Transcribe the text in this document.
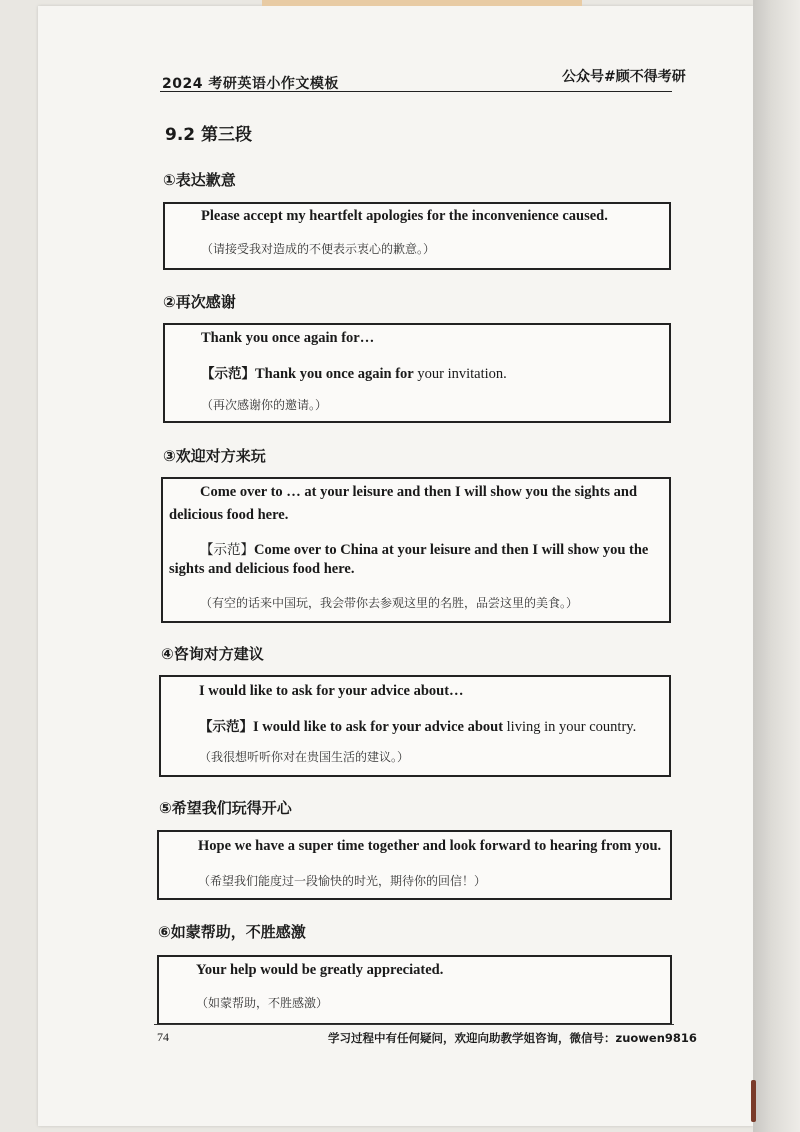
2024 考研英语小作文模板	公众号#顾不得考研
9.2 第三段
①表达歉意
Please accept my heartfelt apologies for the inconvenience caused.
（请接受我对造成的不便表示衷心的歉意。）
②再次感谢
Thank you once again for…
【示范】Thank you once again for your invitation.
（再次感谢你的邀请。）
③欢迎对方来玩
Come over to … at your leisure and then I will show you the sights and
delicious food here.
【示范】Come over to China at your leisure and then I will show you the
sights and delicious food here.
（有空的话来中国玩，我会带你去参观这里的名胜，品尝这里的美食。）
④咨询对方建议
I would like to ask for your advice about…
【示范】I would like to ask for your advice about living in your country.
（我很想听听你对在贵国生活的建议。）
⑤希望我们玩得开心
Hope we have a super time together and look forward to hearing from you.
（希望我们能度过一段愉快的时光，期待你的回信！）
⑥如蒙帮助，不胜感激
Your help would be greatly appreciated.
（如蒙帮助，不胜感激）
74	学习过程中有任何疑问，欢迎向助教学姐咨询，微信号：zuowen9816
